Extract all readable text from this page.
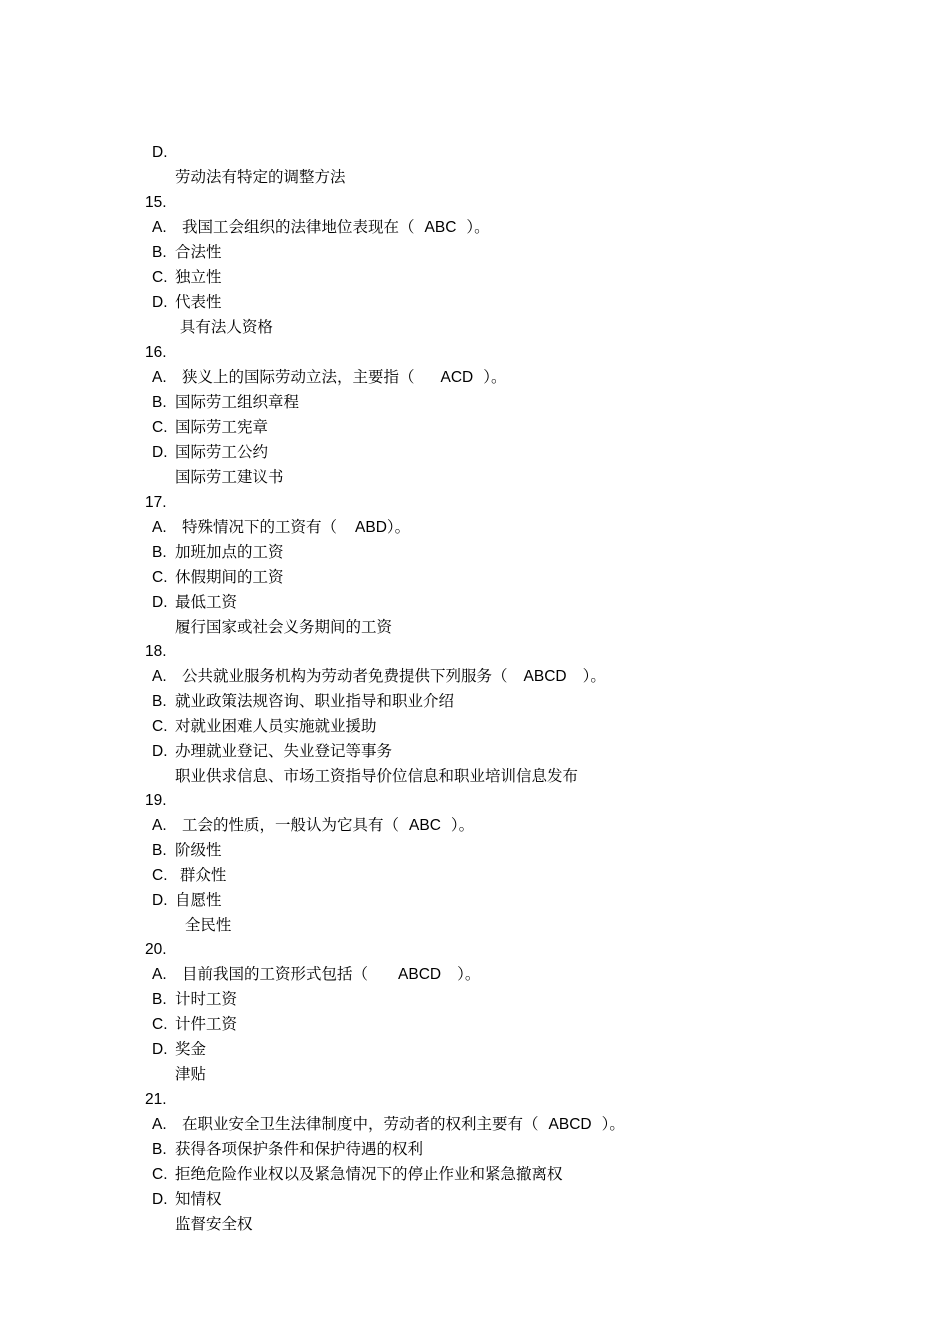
D.

劳动法有特定的调整方法

15.

我国工会组织的法律地位表现在（ ABC ）。

A.

合法性

B.

独立性

C.

代表性

D.

具有法人资格

16.

狭义上的国际劳动立法，主要指（ ACD ）。

A.

国际劳工组织章程

B.

国际劳工宪章

C.

国际劳工公约

D.

国际劳工建议书

17.

特殊情况下的工资有（ ABD）。

A.

加班加点的工资

B.

休假期间的工资

C.

最低工资

D.

履行国家或社会义务期间的工资

18.

公共就业服务机构为劳动者免费提供下列服务（ ABCD ）。

A.

就业政策法规咨询、职业指导和职业介绍

B.

对就业困难人员实施就业援助

C.

办理就业登记、失业登记等事务

D.

职业供求信息、市场工资指导价位信息和职业培训信息发布

19.

工会的性质，一般认为它具有（ ABC ）。

A.

阶级性

B.

群众性

C.

自愿性

D.

全民性

20.

目前我国的工资形式包括（ ABCD ）。

A.

计时工资

B.

计件工资

C.

奖金

D.

津贴

21.

在职业安全卫生法律制度中，劳动者的权利主要有（ ABCD ）。

A.

获得各项保护条件和保护待遇的权利

B.

拒绝危险作业权以及紧急情况下的停止作业和紧急撤离权

C.

知情权

D.

监督安全权
